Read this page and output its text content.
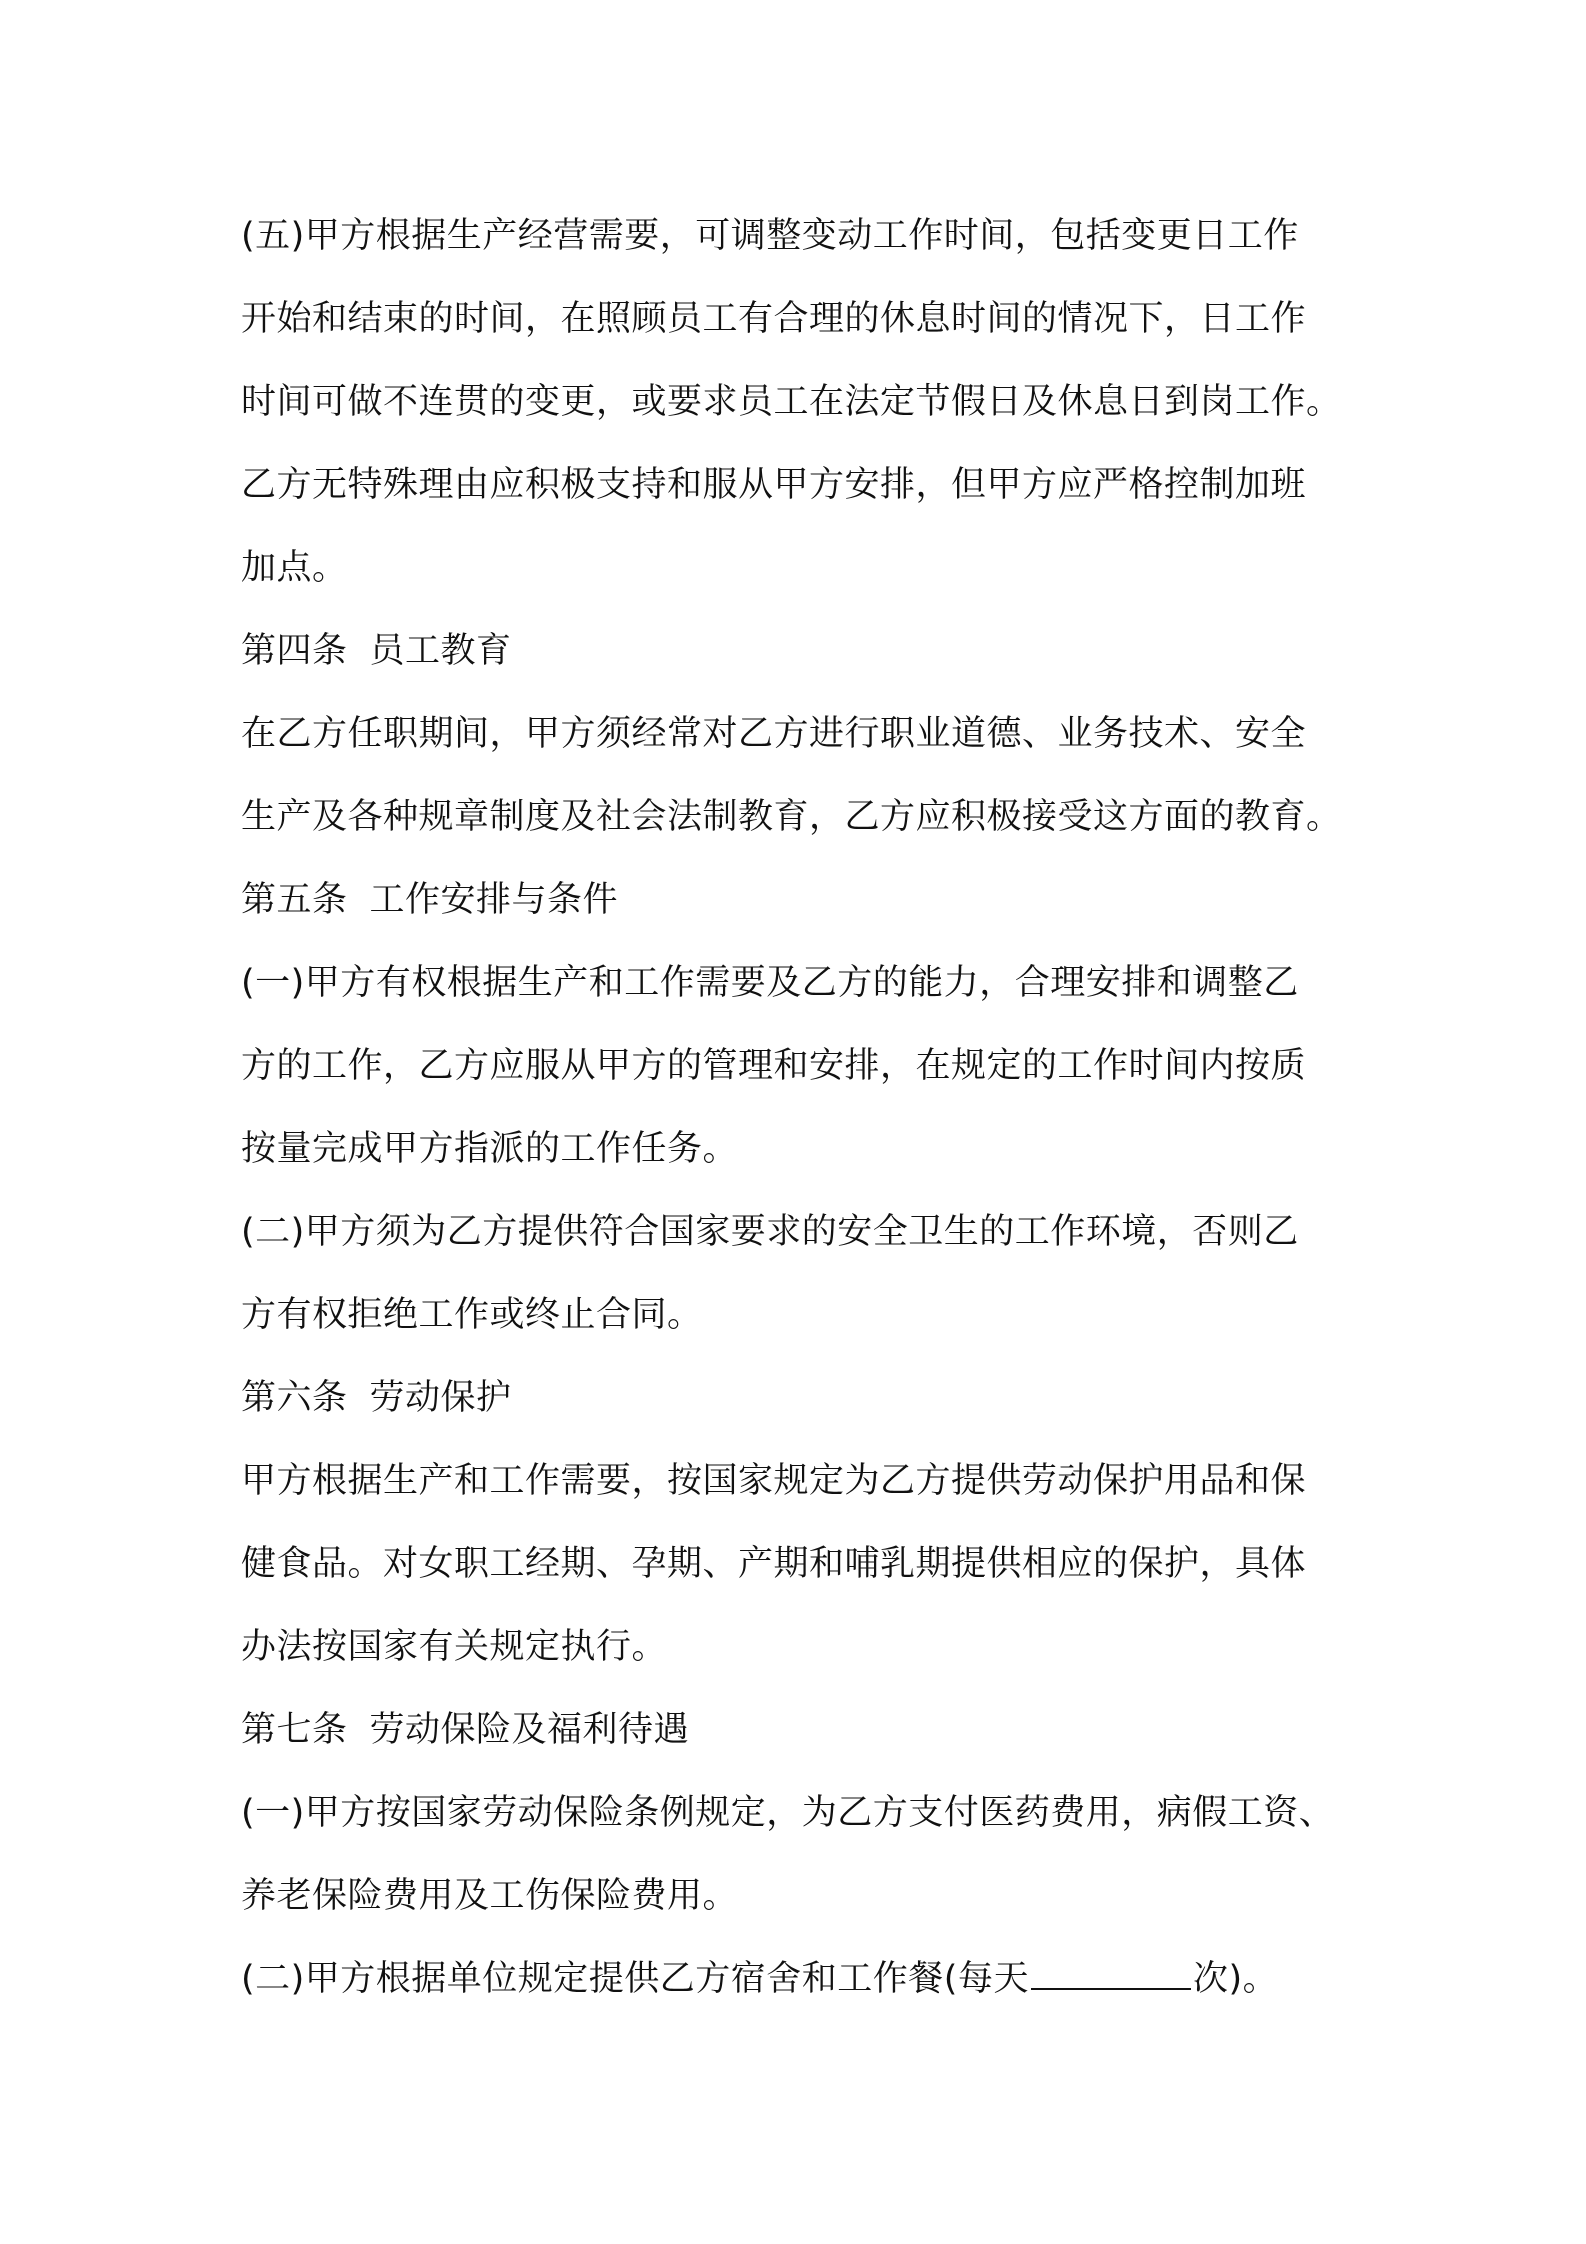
(五)甲方根据生产经营需要，可调整变动工作时间，包括变更日工作
开始和结束的时间，在照顾员工有合理的休息时间的情况下，日工作
时间可做不连贯的变更，或要求员工在法定节假日及休息日到岗工作。
乙方无特殊理由应积极支持和服从甲方安排，但甲方应严格控制加班
加点。
第四条 员工教育
在乙方任职期间，甲方须经常对乙方进行职业道德、业务技术、安全
生产及各种规章制度及社会法制教育，乙方应积极接受这方面的教育。
第五条 工作安排与条件
(一)甲方有权根据生产和工作需要及乙方的能力，合理安排和调整乙
方的工作，乙方应服从甲方的管理和安排，在规定的工作时间内按质
按量完成甲方指派的工作任务。
(二)甲方须为乙方提供符合国家要求的安全卫生的工作环境，否则乙
方有权拒绝工作或终止合同。
第六条 劳动保护
甲方根据生产和工作需要，按国家规定为乙方提供劳动保护用品和保
健食品。对女职工经期、孕期、产期和哺乳期提供相应的保护，具体
办法按国家有关规定执行。
第七条 劳动保险及福利待遇
(一)甲方按国家劳动保险条例规定，为乙方支付医药费用，病假工资、
养老保险费用及工伤保险费用。
(二)甲方根据单位规定提供乙方宿舍和工作餐(每天	次)。
